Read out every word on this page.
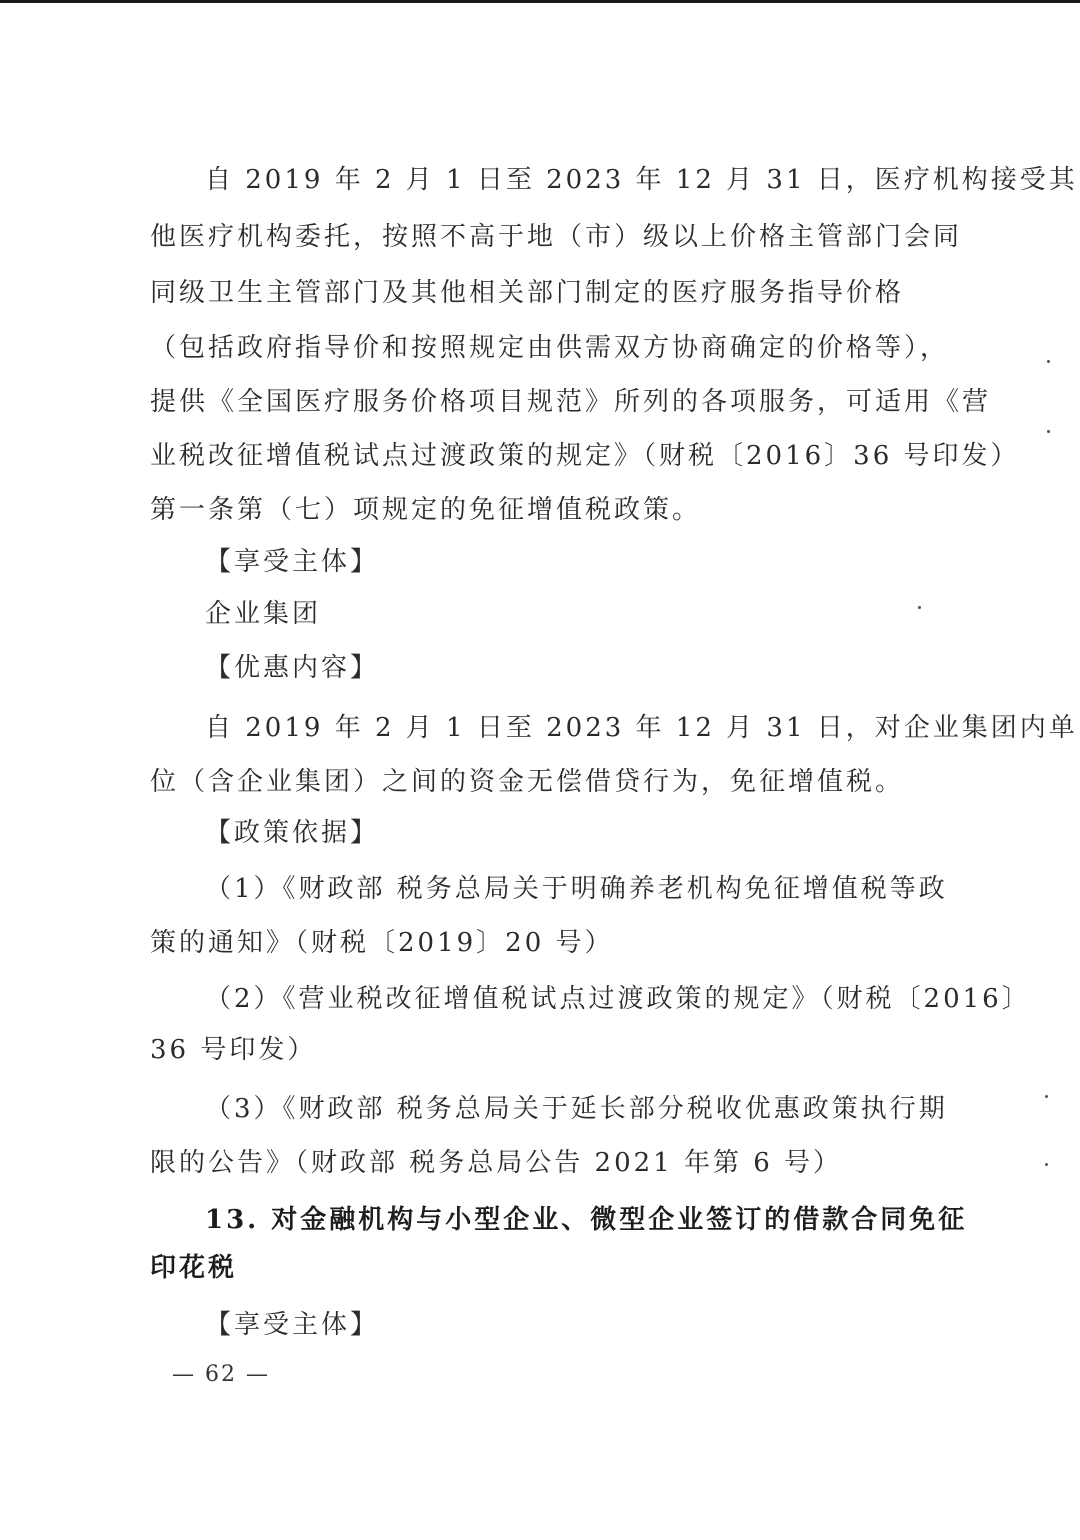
自 2019 年 2 月 1 日至 2023 年 12 月 31 日，医疗机构接受其
他医疗机构委托，按照不高于地（市）级以上价格主管部门会同
同级卫生主管部门及其他相关部门制定的医疗服务指导价格
（包括政府指导价和按照规定由供需双方协商确定的价格等），
提供《全国医疗服务价格项目规范》所列的各项服务，可适用《营
业税改征增值税试点过渡政策的规定》（财税〔2016〕36 号印发）
第一条第（七）项规定的免征增值税政策。
【享受主体】
企业集团
【优惠内容】
自 2019 年 2 月 1 日至 2023 年 12 月 31 日，对企业集团内单
位（含企业集团）之间的资金无偿借贷行为，免征增值税。
【政策依据】
（1）《财政部 税务总局关于明确养老机构免征增值税等政
策的通知》（财税〔2019〕20 号）
（2）《营业税改征增值税试点过渡政策的规定》（财税〔2016〕
36 号印发）
（3）《财政部 税务总局关于延长部分税收优惠政策执行期
限的公告》（财政部 税务总局公告 2021 年第 6 号）
13. 对金融机构与小型企业、微型企业签订的借款合同免征
印花税
【享受主体】
— 62 —
